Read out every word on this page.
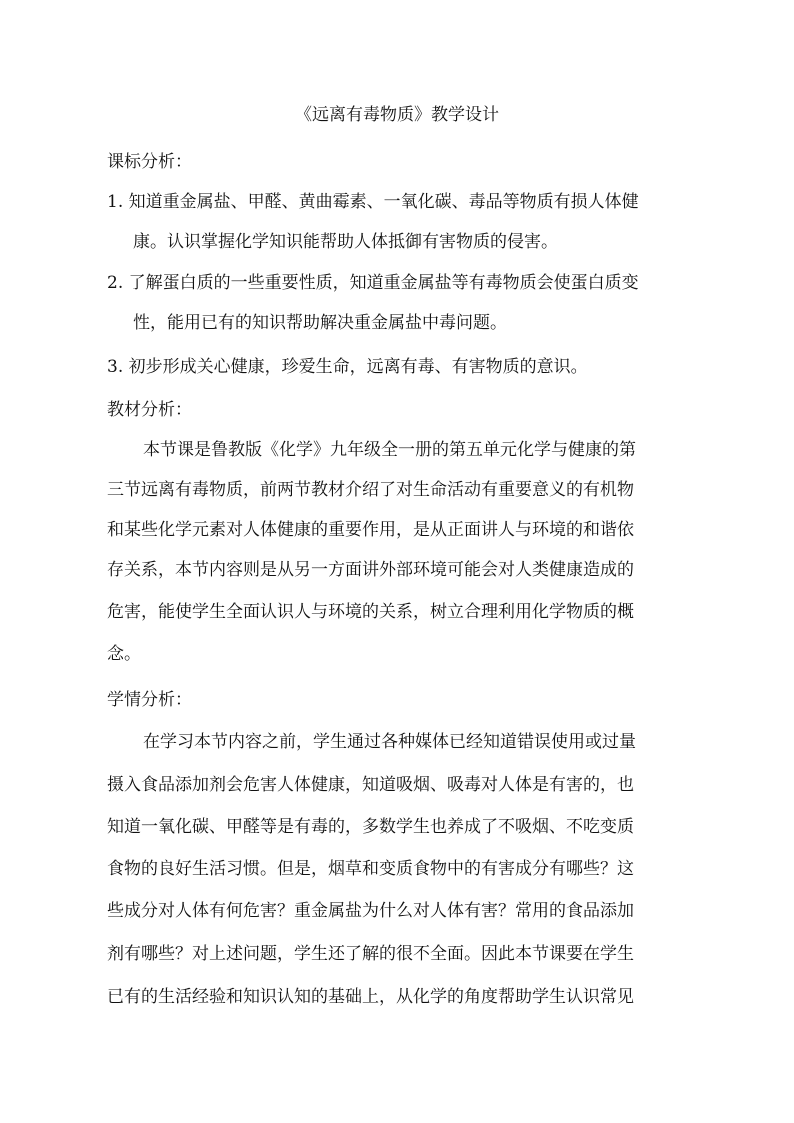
《远离有毒物质》教学设计
课标分析：
1. 知道重金属盐、甲醛、黄曲霉素、一氧化碳、毒品等物质有损人体健
康。认识掌握化学知识能帮助人体抵御有害物质的侵害。
2. 了解蛋白质的一些重要性质，知道重金属盐等有毒物质会使蛋白质变
性，能用已有的知识帮助解决重金属盐中毒问题。
3. 初步形成关心健康，珍爱生命，远离有毒、有害物质的意识。
教材分析：
本节课是鲁教版《化学》九年级全一册的第五单元化学与健康的第
三节远离有毒物质，前两节教材介绍了对生命活动有重要意义的有机物
和某些化学元素对人体健康的重要作用，是从正面讲人与环境的和谐依
存关系，本节内容则是从另一方面讲外部环境可能会对人类健康造成的
危害，能使学生全面认识人与环境的关系，树立合理利用化学物质的概
念。
学情分析：
在学习本节内容之前，学生通过各种媒体已经知道错误使用或过量
摄入食品添加剂会危害人体健康，知道吸烟、吸毒对人体是有害的，也
知道一氧化碳、甲醛等是有毒的，多数学生也养成了不吸烟、不吃变质
食物的良好生活习惯。但是，烟草和变质食物中的有害成分有哪些？这
些成分对人体有何危害？重金属盐为什么对人体有害？常用的食品添加
剂有哪些？对上述问题，学生还了解的很不全面。因此本节课要在学生
已有的生活经验和知识认知的基础上，从化学的角度帮助学生认识常见
